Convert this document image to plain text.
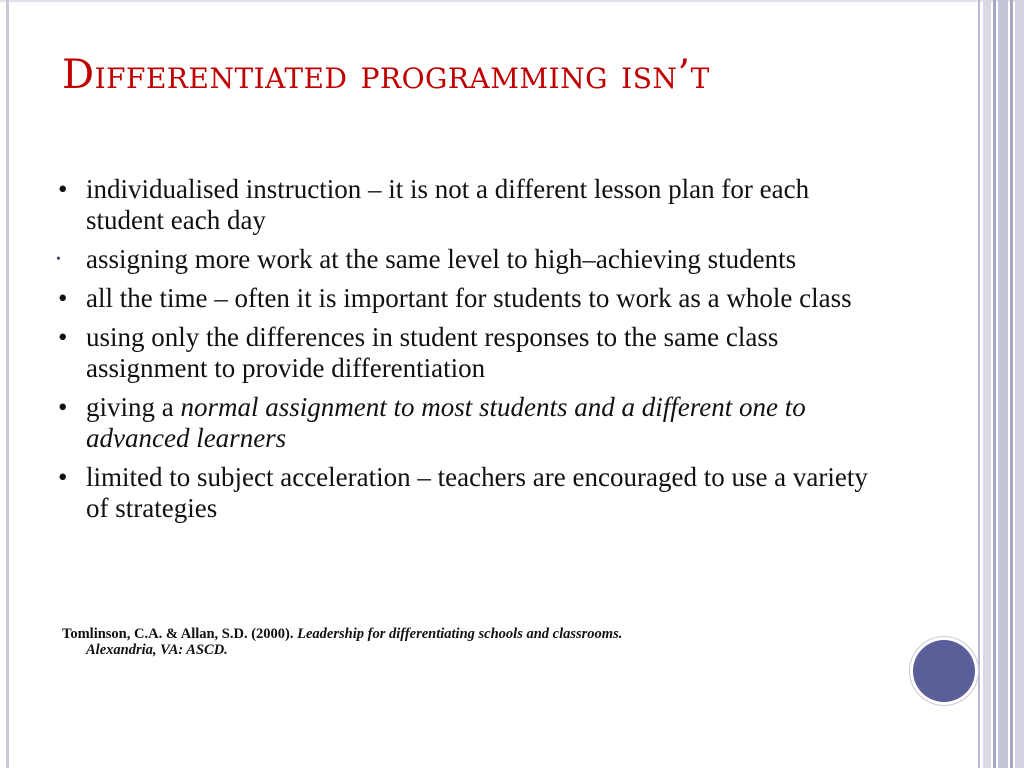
Differentiated programming isn’t
• individualised instruction – it is not a different lesson plan for each student each day
• assigning more work at the same level to high–achieving students
• all the time – often it is important for students to work as a whole class
• using only the differences in student responses to the same class assignment to provide differentiation
• giving a normal assignment to most students and a different one to advanced learners
• limited to subject acceleration – teachers are encouraged to use a variety of strategies
Tomlinson, C.A. & Allan, S.D. (2000). Leadership for differentiating schools and classrooms.
Alexandria, VA: ASCD.
